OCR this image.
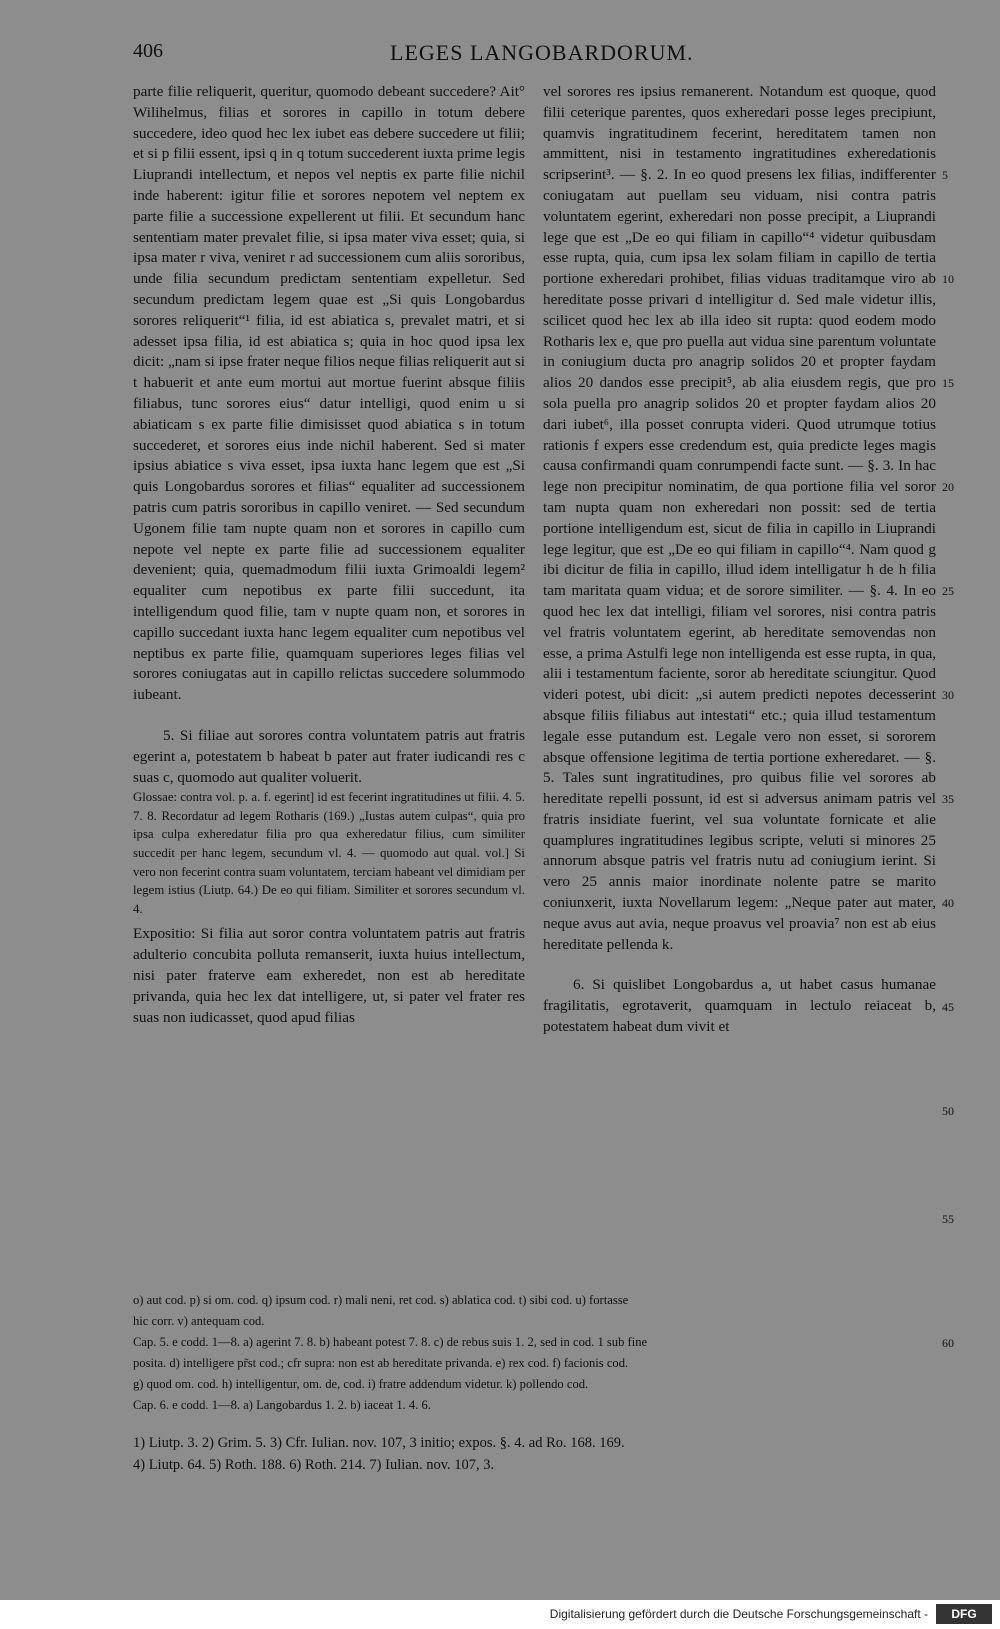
406	LEGES LANGOBARDORUM.

parte filie reliquerit, queritur, quomodo debeant succedere? Ait° Wilihelmus, filias et sorores in capillo in totum debere succedere, ideo quod hec lex iubet eas debere succedere ut filii; et si p filii essent, ipsi q in q totum succederent iuxta prime legis Liuprandi intellectum, et nepos vel neptis ex parte filie nichil inde haberent: igitur filie et sorores nepotem vel neptem ex parte filie a successione expellerent ut filii. Et secundum hanc sententiam mater prevalet filie, si ipsa mater viva esset; quia, si ipsa mater r viva, veniret r ad successionem cum aliis sororibus, unde filia secundum predictam sententiam expelletur. Sed secundum predictam legem quae est „Si quis Longobardus sorores reliquerit“¹ filia, id est abiatica s, prevalet matri, et si adesset ipsa filia, id est abiatica s; quia in hoc quod ipsa lex dicit: „nam si ipse frater neque filios neque filias reliquerit aut si t habuerit et ante eum mortui aut mortue fuerint absque filiis filiabus, tunc sorores eius“ datur intelligi, quod enim u si abiaticam s ex parte filie dimisisset quod abiatica s in totum succederet, et sorores eius inde nichil haberent. Sed si mater ipsius abiatice s viva esset, ipsa iuxta hanc legem que est „Si quis Longobardus sorores et filias“ equaliter ad successionem patris cum patris sororibus in capillo veniret. — Sed secundum Ugonem filie tam nupte quam non et sorores in capillo cum nepote vel nepte ex parte filie ad successionem equaliter devenient; quia, quemadmodum filii iuxta Grimoaldi legem² equaliter cum nepotibus ex parte filii succedunt, ita intelligendum quod filie, tam v nupte quam non, et sorores in capillo succedant iuxta hanc legem equaliter cum nepotibus vel neptibus ex parte filie, quamquam superiores leges filias vel sorores coniugatas aut in capillo relictas succedere solummodo iubeant.

5. Si filiae aut sorores contra voluntatem patris aut fratris egerint a, potestatem b habeat b pater aut frater iudicandi res c suas c, quomodo aut qualiter voluerit.

Glossae: contra vol. p. a. f. egerint] id est fecerint ingratitudines ut filii. 4. 5. 7. 8. Recordatur ad legem Rotharis (169.) „Iustas autem culpas“, quia pro ipsa culpa exheredatur filia pro qua exheredatur filius, cum similiter succedit per hanc legem, secundum vl. 4. — quomodo aut qual. vol.] Si vero non fecerint contra suam voluntatem, terciam habeant vel dimidiam per legem istius (Liutp. 64.) De eo qui filiam. Similiter et sorores secundum vl. 4.

Expositio: Si filia aut soror contra voluntatem patris aut fratris adulterio concubita polluta remanserit, iuxta huius intellectum, nisi pater fraterve eam exheredet, non est ab hereditate privanda, quia hec lex dat intelligere, ut, si pater vel frater res suas non iudicasset, quod apud filias

vel sorores res ipsius remanerent. Notandum est quoque, quod filii ceterique parentes, quos exheredari posse leges precipiunt, quamvis ingratitudinem fecerint, hereditatem tamen non ammittent, nisi in testamento ingratitudines exheredationis scripserint³. — §. 2. In eo quod presens lex filias, indifferenter coniugatam aut puellam seu viduam, nisi contra patris voluntatem egerint, exheredari non posse precipit, a Liuprandi lege que est „De eo qui filiam in capillo“⁴ videtur quibusdam esse rupta, quia, cum ipsa lex solam filiam in capillo de tertia portione exheredari prohibet, filias viduas traditamque viro ab hereditate posse privari d intelligitur d. Sed male videtur illis, scilicet quod hec lex ab illa ideo sit rupta: quod eodem modo Rotharis lex e, que pro puella aut vidua sine parentum voluntate in coniugium ducta pro anagrip solidos 20 et propter faydam alios 20 dandos esse precipit⁵, ab alia eiusdem regis, que pro sola puella pro anagrip solidos 20 et propter faydam alios 20 dari iubet⁶, illa posset conrupta videri. Quod utrumque totius rationis f expers esse credendum est, quia predicte leges magis causa confirmandi quam conrumpendi facte sunt. — §. 3. In hac lege non precipitur nominatim, de qua portione filia vel soror tam nupta quam non exheredari non possit: sed de tertia portione intelligendum est, sicut de filia in capillo in Liuprandi lege legitur, que est „De eo qui filiam in capillo“⁴. Nam quod g ibi dicitur de filia in capillo, illud idem intelligatur h de h filia tam maritata quam vidua; et de sorore similiter. — §. 4. In eo quod hec lex dat intelligi, filiam vel sorores, nisi contra patris vel fratris voluntatem egerint, ab hereditate semovendas non esse, a prima Astulfi lege non intelligenda est esse rupta, in qua, alii i testamentum faciente, soror ab hereditate sciungitur. Quod videri potest, ubi dicit: „si autem predicti nepotes decesserint absque filiis filiabus aut intestati“ etc.; quia illud testamentum legale esse putandum est. Legale vero non esset, si sororem absque offensione legitima de tertia portione exheredaret. — §. 5. Tales sunt ingratitudines, pro quibus filie vel sorores ab hereditate repelli possunt, id est si adversus animam patris vel fratris insidiate fuerint, vel sua voluntate fornicate et alie quamplures ingratitudines legibus scripte, veluti si minores 25 annorum absque patris vel fratris nutu ad coniugium ierint. Si vero 25 annis maior inordinate nolente patre se marito coniunxerit, iuxta Novellarum legem: „Neque pater aut mater, neque avus aut avia, neque proavus vel proavia⁷ non est ab eius hereditate pellenda k.

6. Si quislibet Longobardus a, ut habet casus humanae fragilitatis, egrotaverit, quamquam in lectulo reiaceat b, potestatem habeat dum vivit et

5
10
15
20
25
30
35
40
45
50
55
60

o) aut cod. p) si om. cod. q) ipsum cod. r) mali neni, ret cod. s) ablatica cod. t) sibi cod. u) fortasse

hic corr. v) antequam cod.

Cap. 5. e codd. 1—8. a) agerint 7. 8. b) habeant potest 7. 8. c) de rebus suis 1. 2, sed in cod. 1 sub fine

posita. d) intelligere pr̃st cod.; cfr supra: non est ab hereditate privanda. e) rex cod. f) facionis cod.

g) quod om. cod. h) intelligentur, om. de, cod. i) fratre addendum videtur. k) pollendo cod.

Cap. 6. e codd. 1—8. a) Langobardus 1. 2. b) iaceat 1. 4. 6.

1) Liutp. 3. 2) Grim. 5. 3) Cfr. Iulian. nov. 107, 3 initio; expos. §. 4. ad Ro. 168. 169.

4) Liutp. 64. 5) Roth. 188. 6) Roth. 214. 7) Iulian. nov. 107, 3.

Digitalisierung gefördert durch die Deutsche Forschungsgemeinschaft -	DFG
